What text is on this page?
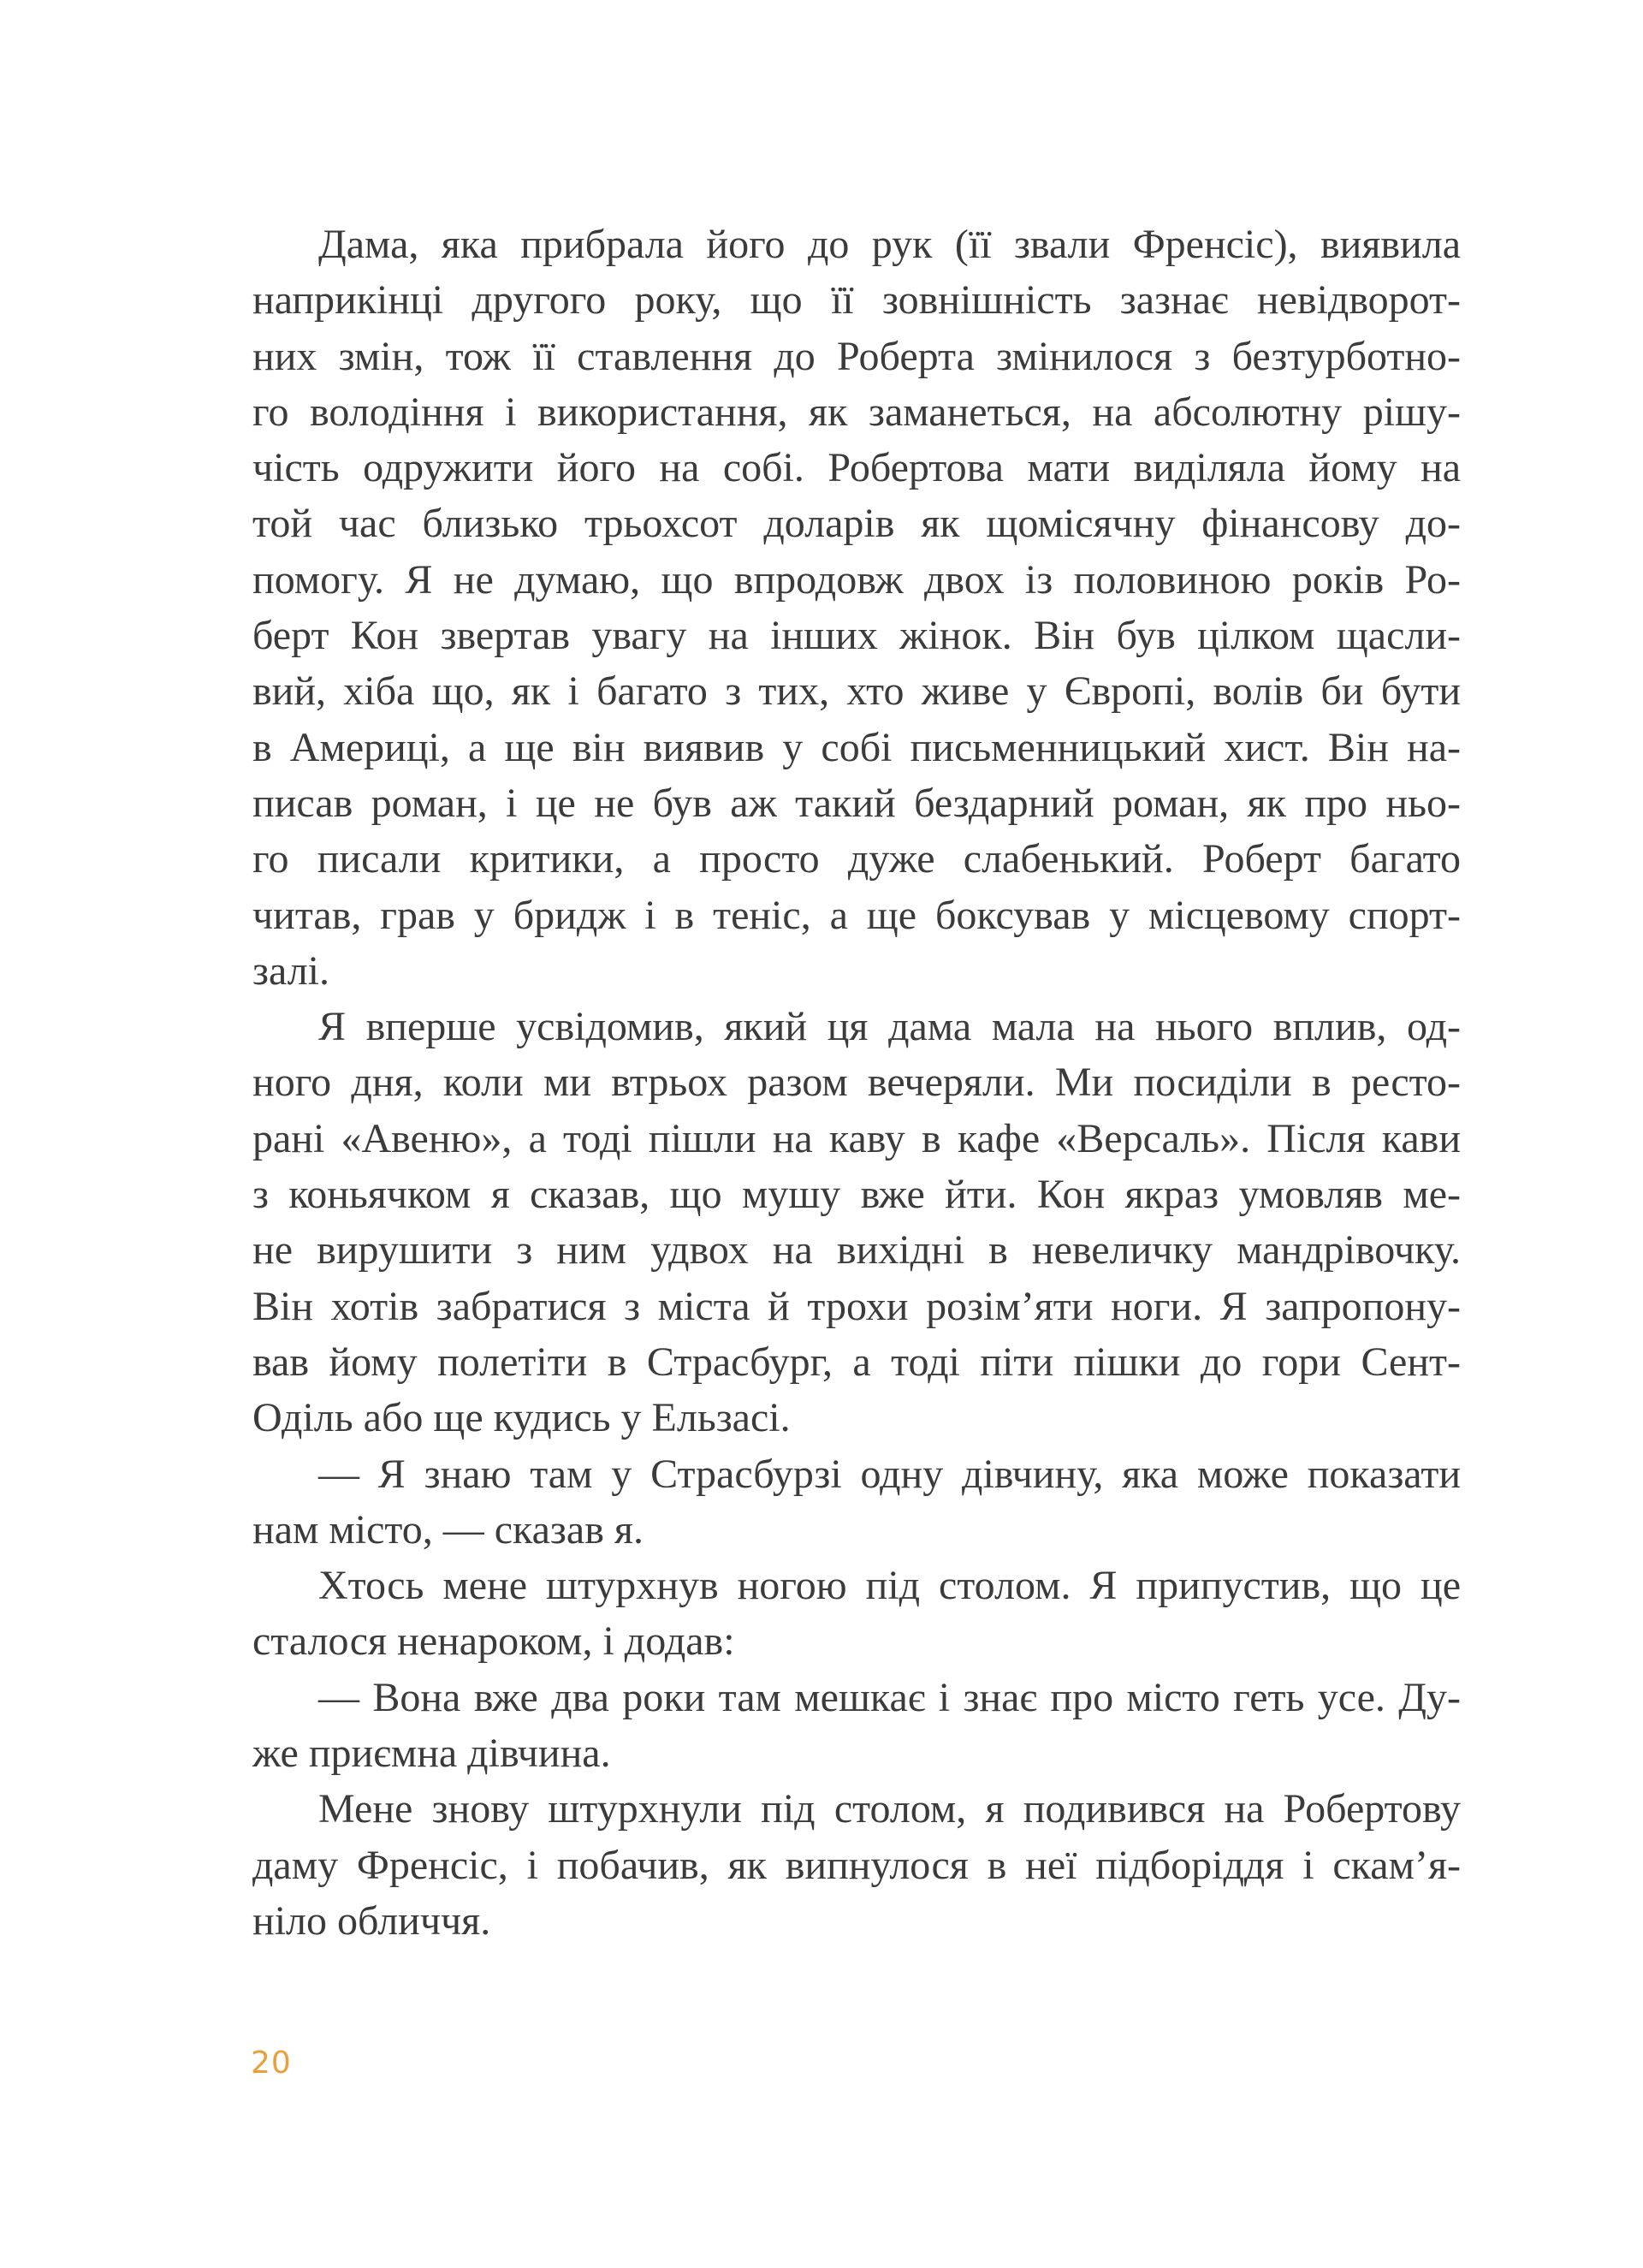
Дама, яка прибрала його до рук (її звали Френсіс), виявила
наприкінці другого року, що її зовнішність зазнає невідворот-
них змін, тож її ставлення до Роберта змінилося з безтурботно-
го володіння і використання, як заманеться, на абсолютну рішу-
чість одружити його на собі. Робертова мати виділяла йому на
той час близько трьохсот доларів як щомісячну фінансову до-
помогу. Я не думаю, що впродовж двох із половиною років Ро-
берт Кон звертав увагу на інших жінок. Він був цілком щасли-
вий, хіба що, як і багато з тих, хто живе у Європі, волів би бути
в Америці, а ще він виявив у собі письменницький хист. Він на-
писав роман, і це не був аж такий бездарний роман, як про ньо-
го писали критики, а просто дуже слабенький. Роберт багато
читав, грав у бридж і в теніс, а ще боксував у місцевому спорт-
залі.
Я вперше усвідомив, який ця дама мала на нього вплив, од-
ного дня, коли ми втрьох разом вечеряли. Ми посиділи в ресто-
рані «Авеню», а тоді пішли на каву в кафе «Версаль». Після кави
з коньячком я сказав, що мушу вже йти. Кон якраз умовляв ме-
не вирушити з ним удвох на вихідні в невеличку мандрівочку.
Він хотів забратися з міста й трохи розім’яти ноги. Я запропону-
вав йому полетіти в Страсбург, а тоді піти пішки до гори Сент-
Оділь або ще кудись у Ельзасі.
— Я знаю там у Страсбурзі одну дівчину, яка може показати
нам місто, — сказав я.
Хтось мене штурхнув ногою під столом. Я припустив, що це
сталося ненароком, і додав:
— Вона вже два роки там мешкає і знає про місто геть усе. Ду-
же приємна дівчина.
Мене знову штурхнули під столом, я подивився на Робертову
даму Френсіс, і побачив, як випнулося в неї підборіддя і скам’я-
ніло обличчя.
20
